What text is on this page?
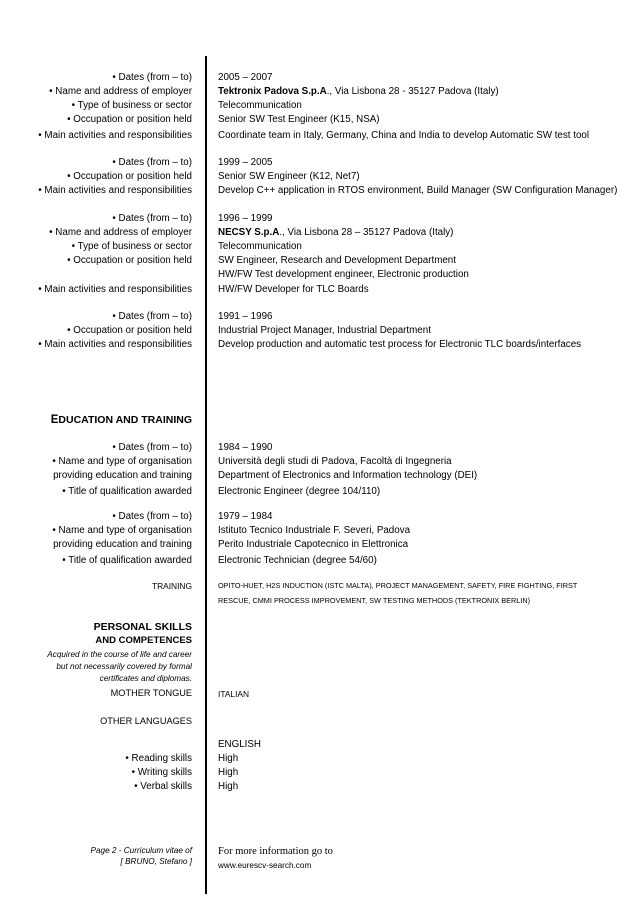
• Dates (from – to)
• Name and address of employer
• Type of business or sector
• Occupation or position held
• Main activities and responsibilities
2005 – 2007
Tektronix Padova S.p.A., Via Lisbona 28 - 35127 Padova (Italy)
Telecommunication
Senior SW Test Engineer (K15, NSA)
Coordinate team in Italy, Germany, China and India to develop Automatic SW test tool
• Dates (from – to)
• Occupation or position held
• Main activities and responsibilities
1999 – 2005
Senior SW Engineer (K12, Net7)
Develop C++ application in RTOS environment, Build Manager (SW Configuration Manager)
• Dates (from – to)
• Name and address of employer
• Type of business or sector
• Occupation or position held
• Main activities and responsibilities
1996 – 1999
NECSY S.p.A., Via Lisbona 28 – 35127 Padova (Italy)
Telecommunication
SW Engineer, Research and Development Department
HW/FW Test development engineer, Electronic production
HW/FW Developer for TLC Boards
• Dates (from – to)
• Occupation or position held
• Main activities and responsibilities
1991 – 1996
Industrial Project Manager, Industrial Department
Develop production and automatic test process for Electronic TLC boards/interfaces
EDUCATION AND TRAINING
• Dates (from – to)
• Name and type of organisation
providing education and training
• Title of qualification awarded
1984 – 1990
Università degli studi di Padova, Facoltà di Ingegneria
Department of Electronics and Information technology (DEI)
Electronic Engineer (degree 104/110)
• Dates (from – to)
• Name and type of organisation
providing education and training
• Title of qualification awarded
1979 – 1984
Istituto Tecnico Industriale F. Severi, Padova
Perito Industriale Capotecnico in Elettronica
Electronic Technician (degree 54/60)
TRAINING	OPITO-HUET, H2S INDUCTION (ISTC MALTA), PROJECT MANAGEMENT, SAFETY, FIRE FIGHTING, FIRST
RESCUE, CMMI PROCESS IMPROVEMENT, SW TESTING METHODS (TEKTRONIX BERLIN)
PERSONAL SKILLS
AND COMPETENCES
Acquired in the course of life and career
but not necessarily covered by formal
certificates and diplomas.
MOTHER TONGUE	ITALIAN
OTHER LANGUAGES
ENGLISH
• Reading skills
• Writing skills
• Verbal skills
High
High
High
Page 2 - Curriculum vitae of
[ BRUNO, Stefano ]
For more information go to
www.eurescv-search.com
